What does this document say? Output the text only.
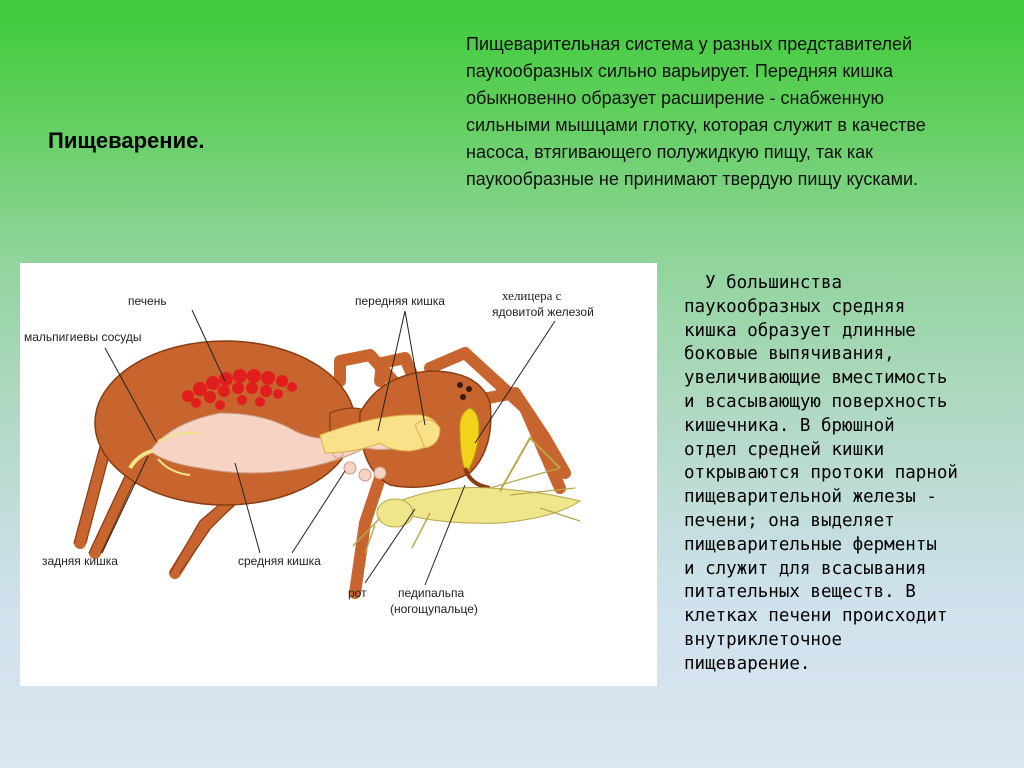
Пищеварение.

Пищеварительная система у разных представителей паукообразных сильно варьирует. Передняя кишка обыкновенно образует расширение - снабженную сильными мышцами глотку, которая служит в качестве насоса, втягивающего полужидкую пищу, так как паукообразные не принимают твердую пищу кусками.

У большинства
паукообразных средняя
кишка образует длинные
боковые выпячивания,
увеличивающие вместимость
и всасывающую поверхность
кишечника. В брюшной
отдел средней кишки
открываются протоки парной
пищеварительной железы -
печени; она выделяет
пищеварительные ферменты
и служит для всасывания
питательных веществ. В
клетках печени происходит
внутриклеточное
пищеварение.

печень
мальпигиевы сосуды
передняя кишка	хелицера с
ядовитой железой
задняя кишка	средняя кишка
рот	педипальпа
(ногощупальце)
